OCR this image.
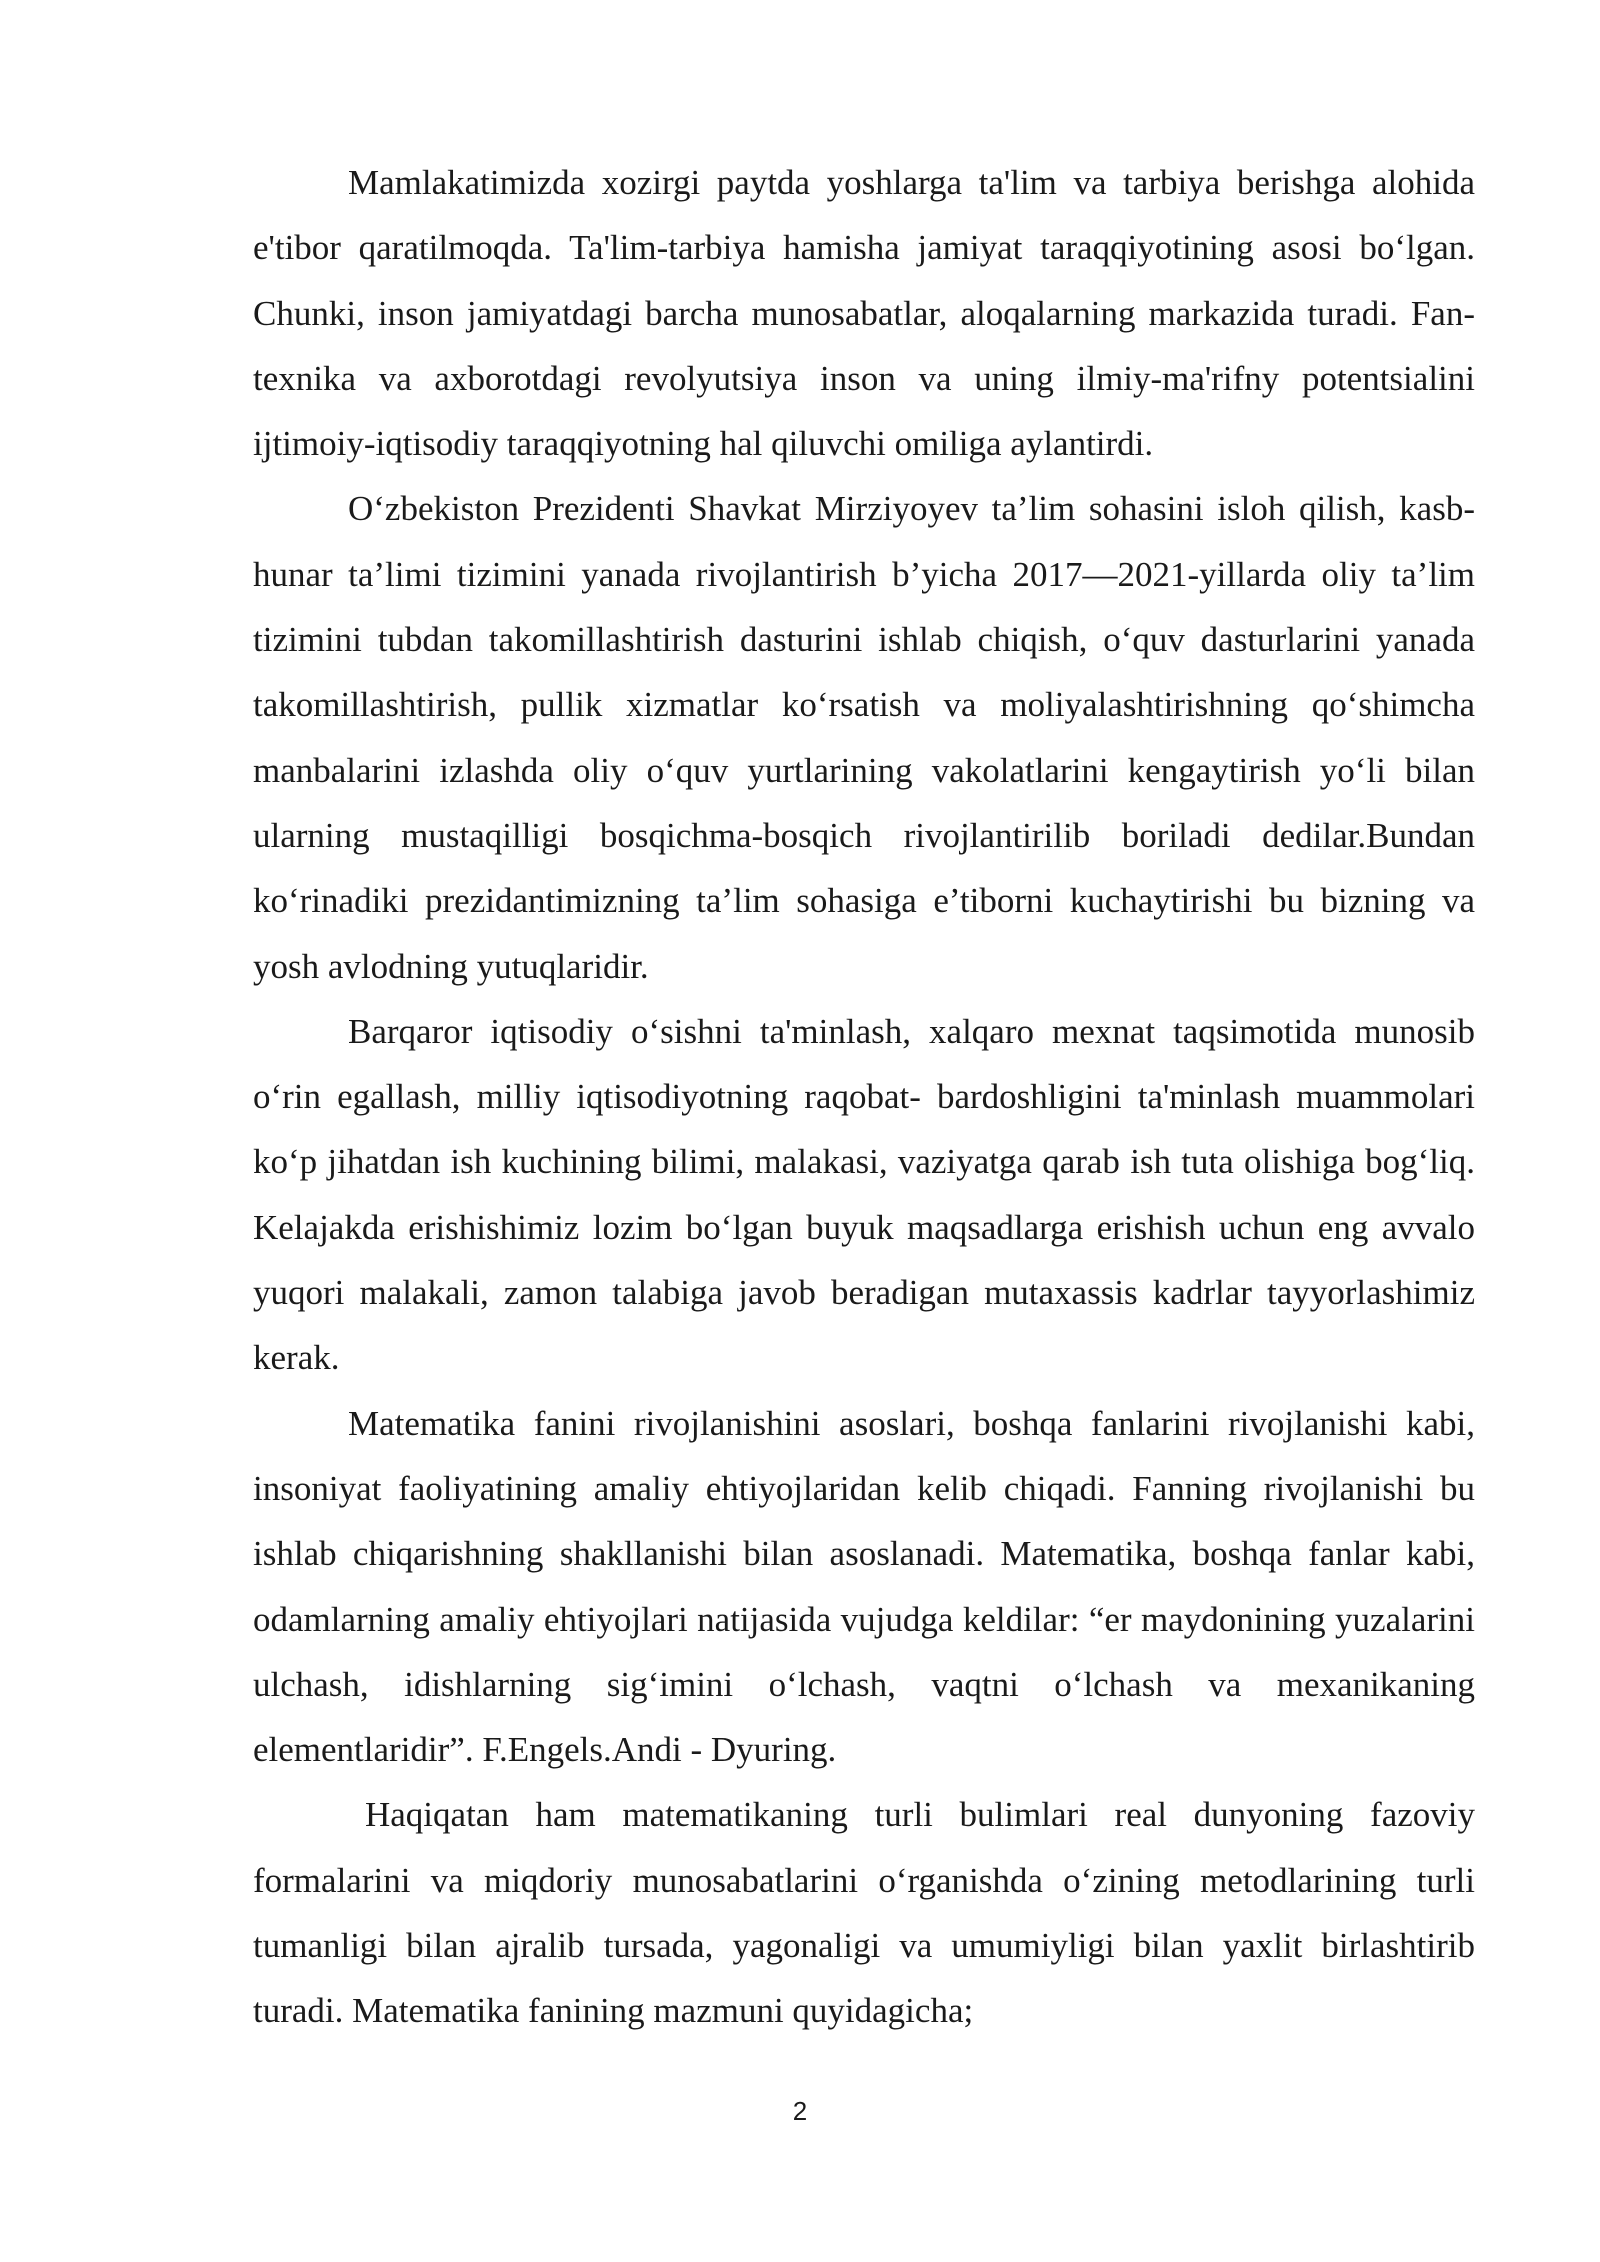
Mamlakatimizda xozirgi paytda yoshlarga ta'lim va tarbiya berishga alohida e'tibor qaratilmoqda. Ta'lim-tarbiya hamisha jamiyat taraqqiyotining asosi bo‘lgan. Chunki, inson jamiyatdagi barcha munosabatlar, aloqalarning markazida turadi. Fan-texnika va axborotdagi revolyutsiya inson va uning ilmiy-ma'rifny potentsialini ijtimoiy-iqtisodiy taraqqiyotning hal qiluvchi omiliga aylantirdi.

O‘zbekiston Prezidenti Shavkat Mirziyoyev ta’lim sohasini isloh qilish, kasb-hunar ta’limi tizimini yanada rivojlantirish b’yicha 2017—2021-yillarda oliy ta’lim tizimini tubdan takomillashtirish dasturini ishlab chiqish, o‘quv dasturlarini yanada takomillashtirish, pullik xizmatlar ko‘rsatish va moliyalashtirishning qo‘shimcha manbalarini izlashda oliy o‘quv yurtlarining vakolatlarini kengaytirish yo‘li bilan ularning mustaqilligi bosqichma-bosqich rivojlantirilib boriladi dedilar.Bundan ko‘rinadiki prezidantimizning ta’lim sohasiga e’tiborni kuchaytirishi bu bizning va yosh avlodning yutuqlaridir.

Barqaror iqtisodiy o‘sishni ta'minlash, xalqaro mexnat taqsimotida munosib o‘rin egallash, milliy iqtisodiyotning raqobat- bardoshligini ta'minlash muammolari ko‘p jihatdan ish kuchining bilimi, malakasi, vaziyatga qarab ish tuta olishiga bog‘liq. Kelajakda erishishimiz lozim bo‘lgan buyuk maqsadlarga erishish uchun eng avvalo yuqori malakali, zamon talabiga javob beradigan mutaxassis kadrlar tayyorlashimiz kerak.

Matematika fanini rivojlanishini asoslari, boshqa fanlarini rivojlanishi kabi, insoniyat faoliyatining amaliy ehtiyojlaridan kelib chiqadi. Fanning rivojlanishi bu ishlab chiqarishning shakllanishi bilan asoslanadi. Matematika, boshqa fanlar kabi, odamlarning amaliy ehtiyojlari natijasida vujudga keldilar: “er maydonining yuzalarini ulchash, idishlarning sig‘imini o‘lchash, vaqtni o‘lchash va mexanikaning elementlaridir”. F.Engels.Andi - Dyuring.

Haqiqatan ham matematikaning turli bulimlari real dunyoning fazoviy formalarini va miqdoriy munosabatlarini o‘rganishda o‘zining metodlarining turli tumanligi bilan ajralib tursada, yagonaligi va umumiyligi bilan yaxlit birlashtirib turadi. Matematika fanining mazmuni quyidagicha;

2
